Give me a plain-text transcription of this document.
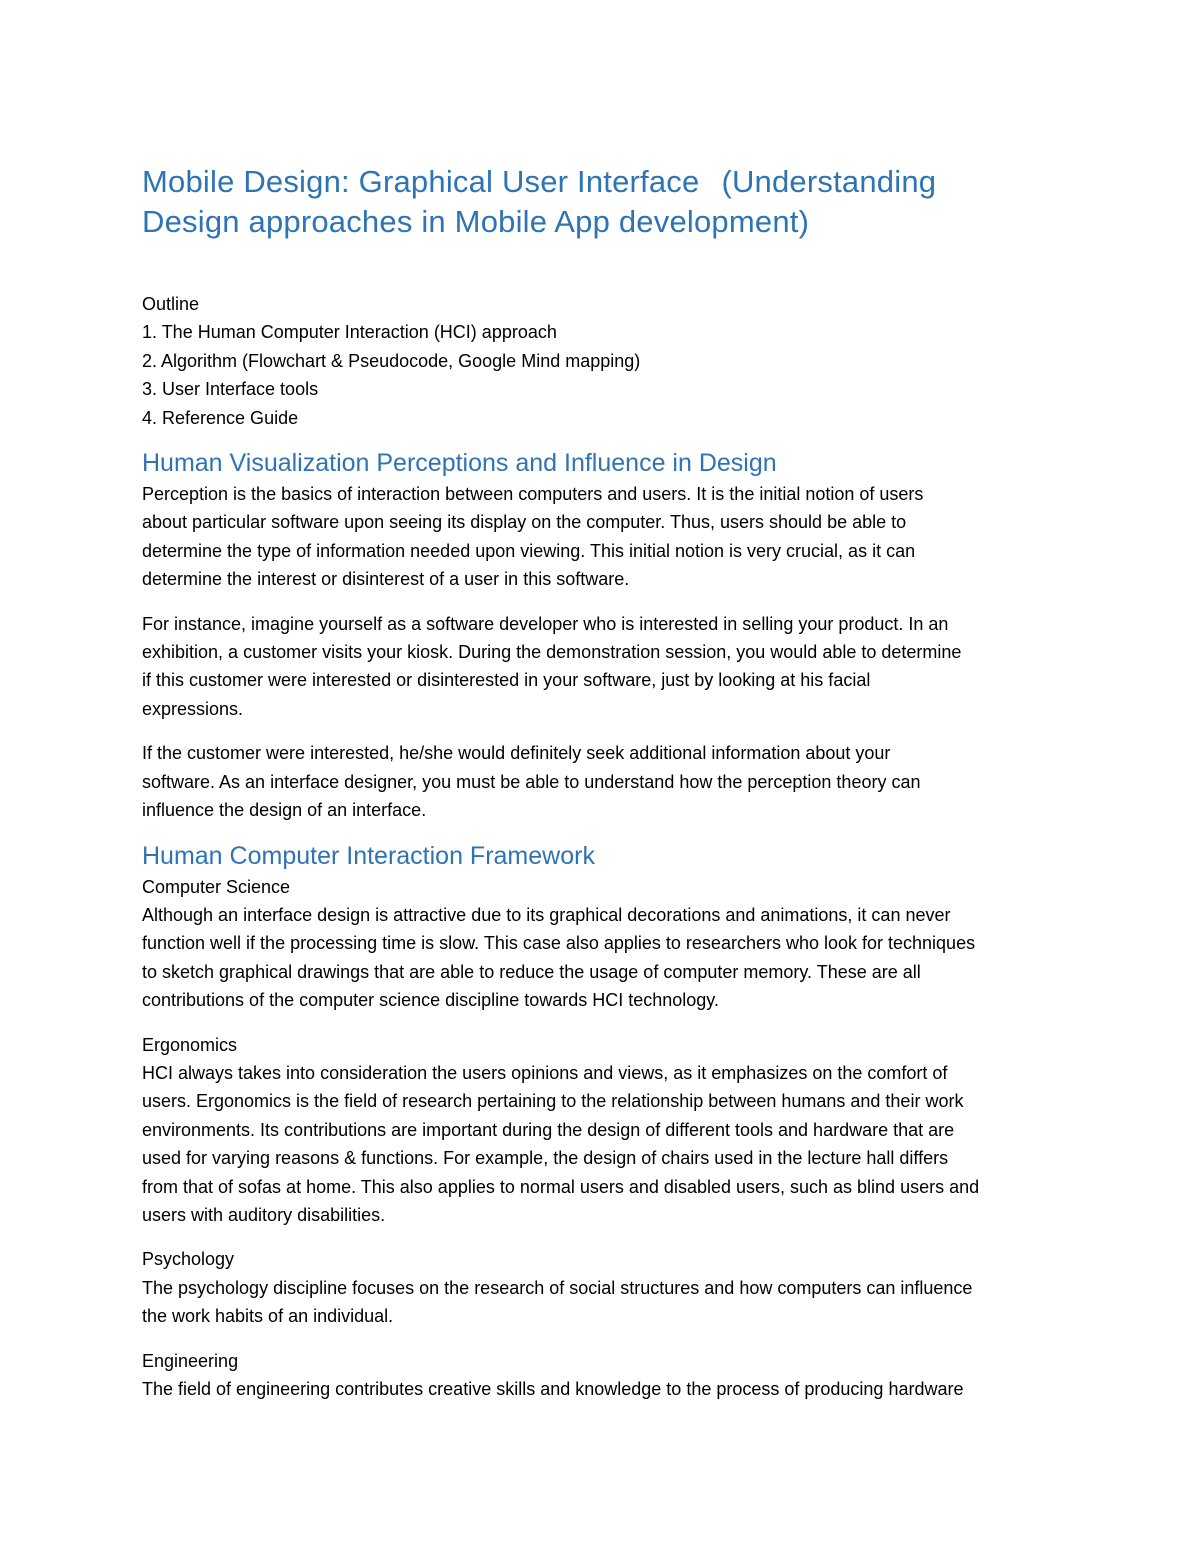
Mobile Design: Graphical User Interface (Understanding
Design approaches in Mobile App development)

Outline

1. The Human Computer Interaction (HCI) approach

2. Algorithm (Flowchart & Pseudocode, Google Mind mapping)

3. User Interface tools

4. Reference Guide

Human Visualization Perceptions and Influence in Design
Perception is the basics of interaction between computers and users. It is the initial notion of users
about particular software upon seeing its display on the computer. Thus, users should be able to
determine the type of information needed upon viewing. This initial notion is very crucial, as it can
determine the interest or disinterest of a user in this software.
For instance, imagine yourself as a software developer who is interested in selling your product. In an
exhibition, a customer visits your kiosk. During the demonstration session, you would able to determine
if this customer were interested or disinterested in your software, just by looking at his facial
expressions.
If the customer were interested, he/she would definitely seek additional information about your
software. As an interface designer, you must be able to understand how the perception theory can
influence the design of an interface.
Human Computer Interaction Framework
Computer Science
Although an interface design is attractive due to its graphical decorations and animations, it can never
function well if the processing time is slow. This case also applies to researchers who look for techniques
to sketch graphical drawings that are able to reduce the usage of computer memory. These are all
contributions of the computer science discipline towards HCI technology.
Ergonomics
HCI always takes into consideration the users opinions and views, as it emphasizes on the comfort of
users. Ergonomics is the field of research pertaining to the relationship between humans and their work
environments. Its contributions are important during the design of different tools and hardware that are
used for varying reasons & functions. For example, the design of chairs used in the lecture hall differs
from that of sofas at home. This also applies to normal users and disabled users, such as blind users and
users with auditory disabilities.
Psychology
The psychology discipline focuses on the research of social structures and how computers can influence
the work habits of an individual.
Engineering
The field of engineering contributes creative skills and knowledge to the process of producing hardware
